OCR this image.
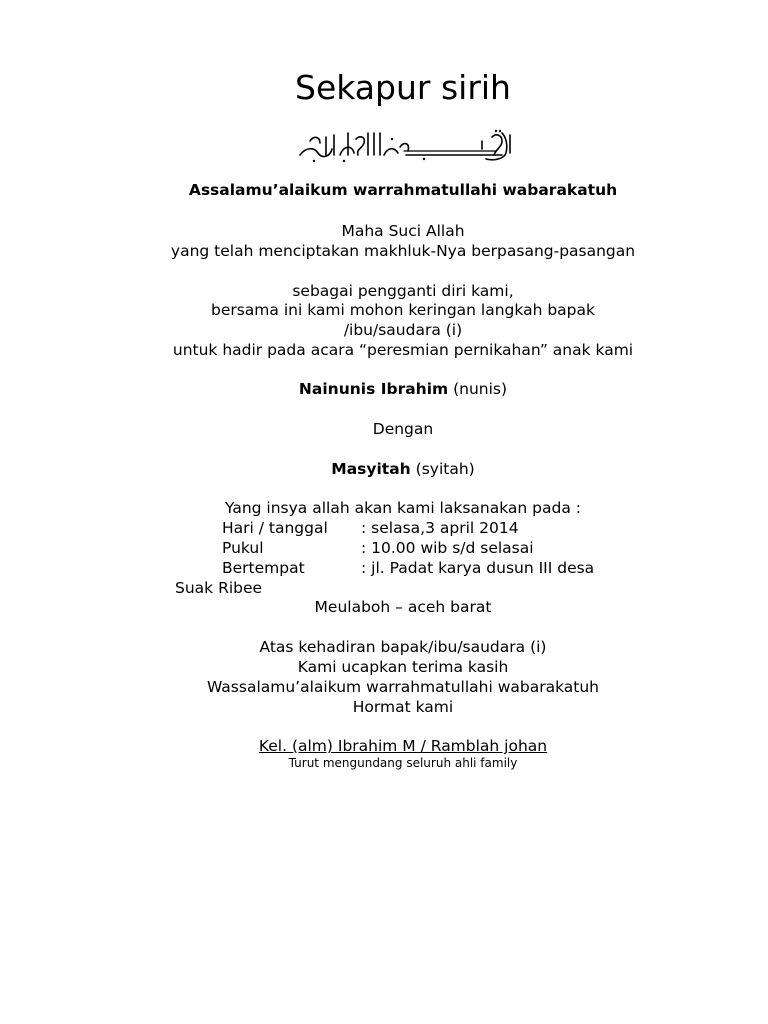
Sekapur sirih
Assalamu’alaikum warrahmatullahi wabarakatuh
Maha Suci Allah
yang telah menciptakan makhluk-Nya berpasang-pasangan
sebagai pengganti diri kami,
bersama ini kami mohon keringan langkah bapak
/ibu/saudara (i)
untuk hadir pada acara “peresmian pernikahan” anak kami
Nainunis Ibrahim (nunis)
Dengan
Masyitah (syitah)
Yang insya allah akan kami laksanakan pada :
Hari / tanggal : selasa,3 april 2014
Pukul	: 10.00 wib s/d selasai
Bertempat	: jl. Padat karya dusun III desa
Suak Ribee
Meulaboh – aceh barat
Atas kehadiran bapak/ibu/saudara (i)
Kami ucapkan terima kasih
Wassalamu’alaikum warrahmatullahi wabarakatuh
Hormat kami
Kel. (alm) Ibrahim M / Ramblah johan
Turut mengundang seluruh ahli family
